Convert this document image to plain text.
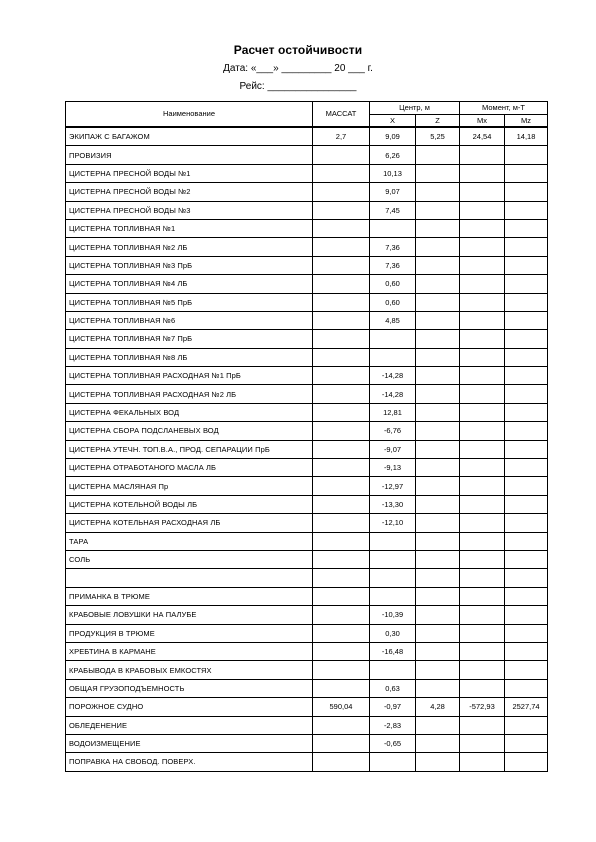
Расчет остойчивости
Дата: «___» _________ 20 ___ г.
Рейс: ________________
Наименование	МАССАТ	Центр, м		Момент, м-Т	
		X	Z	Мх	Мz
ЭКИПАЖ С БАГАЖОМ	2,7	9,09	5,25	24,54	14,18
ПРОВИЗИЯ		6,26			
ЦИСТЕРНА ПРЕСНОЙ ВОДЫ №1		10,13			
ЦИСТЕРНА ПРЕСНОЙ ВОДЫ №2		9,07			
ЦИСТЕРНА ПРЕСНОЙ ВОДЫ №3		7,45			
ЦИСТЕРНА ТОПЛИВНАЯ №1					
ЦИСТЕРНА ТОПЛИВНАЯ №2 ЛБ		7,36			
ЦИСТЕРНА ТОПЛИВНАЯ №3 ПрБ		7,36			
ЦИСТЕРНА ТОПЛИВНАЯ №4 ЛБ		0,60			
ЦИСТЕРНА ТОПЛИВНАЯ №5 ПрБ		0,60			
ЦИСТЕРНА ТОПЛИВНАЯ №6		4,85			
ЦИСТЕРНА ТОПЛИВНАЯ №7 ПрБ					
ЦИСТЕРНА ТОПЛИВНАЯ №8 ЛБ					
ЦИСТЕРНА ТОПЛИВНАЯ РАСХОДНАЯ №1 ПрБ		-14,28			
ЦИСТЕРНА ТОПЛИВНАЯ РАСХОДНАЯ №2 ЛБ		-14,28			
ЦИСТЕРНА ФЕКАЛЬНЫХ ВОД		12,81			
ЦИСТЕРНА СБОРА ПОДСЛАНЕВЫХ ВОД		-6,76			
ЦИСТЕРНА УТЕЧН. ТОП.В.А., ПРОД. СЕПАРАЦИИ ПрБ		-9,07			
ЦИСТЕРНА ОТРАБОТАНОГО МАСЛА ЛБ		-9,13			
ЦИСТЕРНА МАСЛЯНАЯ Пр		-12,97			
ЦИСТЕРНА КОТЕЛЬНОЙ ВОДЫ ЛБ		-13,30			
ЦИСТЕРНА КОТЕЛЬНАЯ РАСХОДНАЯ ЛБ		-12,10			
ТАРА					
СОЛЬ					

ПРИМАНКА В ТРЮМЕ					
КРАБОВЫЕ ЛОВУШКИ НА ПАЛУБЕ		-10,39			
ПРОДУКЦИЯ В ТРЮМЕ		0,30			
ХРЕБТИНА В КАРМАНЕ		-16,48			
КРАБЫВОДА В КРАБОВЫХ ЕМКОСТЯХ					
ОБЩАЯ ГРУЗОПОДЪЕМНОСТЬ		0,63			
ПОРОЖНОЕ СУДНО	590,04	-0,97	4,28	-572,93	2527,74
ОБЛЕДЕНЕНИЕ		-2,83			
ВОДОИЗМЕЩЕНИЕ		-0,65			
ПОПРАВКА НА СВОБОД. ПОВЕРХ.					
